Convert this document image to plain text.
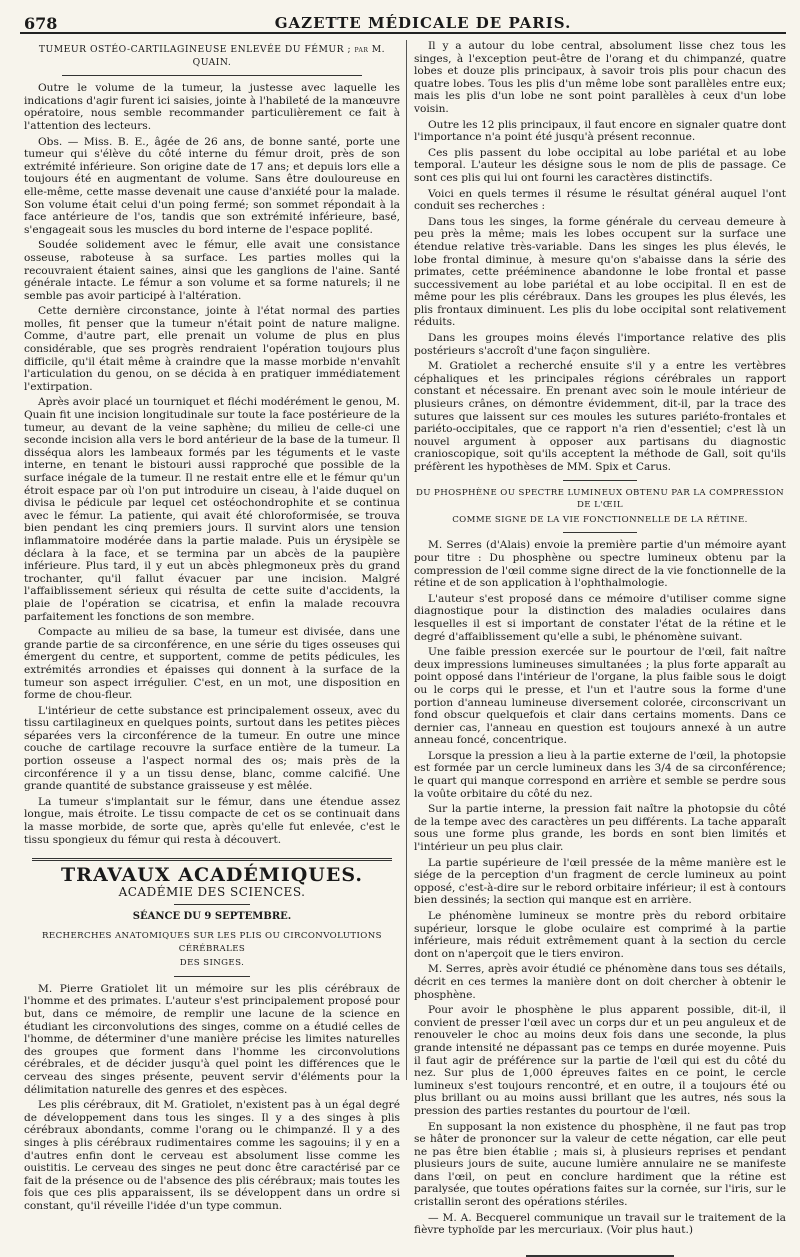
678	GAZETTE MÉDICALE DE PARIS.

TUMEUR OSTÉO-CARTILAGINEUSE ENLEVÉE DU FÉMUR ; par M. QUAIN.

Outre le volume de la tumeur, la justesse avec laquelle les indications d'agir furent ici saisies, jointe à l'habileté de la manœuvre opératoire, nous semble recommander particulièrement ce fait à l'attention des lecteurs.

Obs. — Miss. B. E., âgée de 26 ans, de bonne santé, porte une tumeur qui s'élève du côté interne du fémur droit, près de son extrémité inférieure. Son origine date de 17 ans; et depuis lors elle a toujours été en augmentant de volume. Sans être douloureuse en elle-même, cette masse devenait une cause d'anxiété pour la malade. Son volume était celui d'un poing fermé; son sommet répondait à la face antérieure de l'os, tandis que son extrémité inférieure, basé, s'engageait sous les muscles du bord interne de l'espace poplité.

Soudée solidement avec le fémur, elle avait une consistance osseuse, raboteuse à sa surface. Les parties molles qui la recouvraient étaient saines, ainsi que les ganglions de l'aine. Santé générale intacte. Le fémur a son volume et sa forme naturels; il ne semble pas avoir participé à l'altération.

Cette dernière circonstance, jointe à l'état normal des parties molles, fit penser que la tumeur n'était point de nature maligne. Comme, d'autre part, elle prenait un volume de plus en plus considérable, que ses progrès rendraient l'opération toujours plus difficile, qu'il était même à craindre que la masse morbide n'envahît l'articulation du genou, on se décida à en pratiquer immédiatement l'extirpation.

Après avoir placé un tourniquet et fléchi modérément le genou, M. Quain fit une incision longitudinale sur toute la face postérieure de la tumeur, au devant de la veine saphène; du milieu de celle-ci une seconde incision alla vers le bord antérieur de la base de la tumeur. Il disséqua alors les lambeaux formés par les téguments et le vaste interne, en tenant le bistouri aussi rapproché que possible de la surface inégale de la tumeur. Il ne restait entre elle et le fémur qu'un étroit espace par où l'on put introduire un ciseau, à l'aide duquel on divisa le pédicule par lequel cet ostéochondrophite et se continua avec le fémur. La patiente, qui avait été chloroformisée, se trouva bien pendant les cinq premiers jours. Il survint alors une tension inflammatoire modérée dans la partie malade. Puis un érysipèle se déclara à la face, et se termina par un abcès de la paupière inférieure. Plus tard, il y eut un abcès phlegmoneux près du grand trochanter, qu'il fallut évacuer par une incision. Malgré l'affaiblissement sérieux qui résulta de cette suite d'accidents, la plaie de l'opération se cicatrisa, et enfin la malade recouvra parfaitement les fonctions de son membre.

Compacte au milieu de sa base, la tumeur est divisée, dans une grande partie de sa circonférence, en une série du tiges osseuses qui émergent du centre, et supportent, comme de petits pédicules, les extrémités arrondies et épaisses qui donnent à la surface de la tumeur son aspect irrégulier. C'est, en un mot, une disposition en forme de chou-fleur.

L'intérieur de cette substance est principalement osseux, avec du tissu cartilagineux en quelques points, surtout dans les petites pièces séparées vers la circonférence de la tumeur. En outre une mince couche de cartilage recouvre la surface entière de la tumeur. La portion osseuse a l'aspect normal des os; mais près de la circonférence il y a un tissu dense, blanc, comme calcifié. Une grande quantité de substance graisseuse y est mêlée.

La tumeur s'implantait sur le fémur, dans une étendue assez longue, mais étroite. Le tissu compacte de cet os se continuait dans la masse morbide, de sorte que, après qu'elle fut enlevée, c'est le tissu spongieux du fémur qui resta à découvert.

TRAVAUX ACADÉMIQUES.

ACADÉMIE DES SCIENCES.

SÉANCE DU 9 SEPTEMBRE.

RECHERCHES ANATOMIQUES SUR LES PLIS OU CIRCONVOLUTIONS CÉRÉBRALES

DES SINGES.

M. Pierre Gratiolet lit un mémoire sur les plis cérébraux de l'homme et des primates. L'auteur s'est principalement proposé pour but, dans ce mémoire, de remplir une lacune de la science en étudiant les circonvolutions des singes, comme on a étudié celles de l'homme, de déterminer d'une manière précise les limites naturelles des groupes que forment dans l'homme les circonvolutions cérébrales, et de décider jusqu'à quel point les différences que le cerveau des singes présente, peuvent servir d'éléments pour la délimitation naturelle des genres et des espèces.

Les plis cérébraux, dit M. Gratiolet, n'existent pas à un égal degré de développement dans tous les singes. Il y a des singes à plis cérébraux abondants, comme l'orang ou le chimpanzé. Il y a des singes à plis cérébraux rudimentaires comme les sagouins; il y en a d'autres enfin dont le cerveau est absolument lisse comme les ouistitis. Le cerveau des singes ne peut donc être caractérisé par ce fait de la présence ou de l'absence des plis cérébraux; mais toutes les fois que ces plis apparaissent, ils se développent dans un ordre si constant, qu'il réveille l'idée d'un type commun.

Il y a autour du lobe central, absolument lisse chez tous les singes, à l'exception peut-être de l'orang et du chimpanzé, quatre lobes et douze plis principaux, à savoir trois plis pour chacun des quatre lobes. Tous les plis d'un même lobe sont parallèles entre eux; mais les plis d'un lobe ne sont point parallèles à ceux d'un lobe voisin.

Outre les 12 plis principaux, il faut encore en signaler quatre dont l'importance n'a point été jusqu'à présent reconnue.

Ces plis passent du lobe occipital au lobe pariétal et au lobe temporal. L'auteur les désigne sous le nom de plis de passage. Ce sont ces plis qui lui ont fourni les caractères distinctifs.

Voici en quels termes il résume le résultat général auquel l'ont conduit ses recherches :

Dans tous les singes, la forme générale du cerveau demeure à peu près la même; mais les lobes occupent sur la surface une étendue relative très-variable. Dans les singes les plus élevés, le lobe frontal diminue, à mesure qu'on s'abaisse dans la série des primates, cette prééminence abandonne le lobe frontal et passe successivement au lobe pariétal et au lobe occipital. Il en est de même pour les plis cérébraux. Dans les groupes les plus élevés, les plis frontaux diminuent. Les plis du lobe occipital sont relativement réduits.

Dans les groupes moins élevés l'importance relative des plis postérieurs s'accroît d'une façon singulière.

M. Gratiolet a recherché ensuite s'il y a entre les vertèbres céphaliques et les principales régions cérébrales un rapport constant et nécessaire. En prenant avec soin le moule intérieur de plusieurs crânes, on démontre évidemment, dit-il, par la trace des sutures que laissent sur ces moules les sutures pariéto-frontales et pariéto-occipitales, que ce rapport n'a rien d'essentiel; c'est là un nouvel argument à opposer aux partisans du diagnostic cranioscopique, soit qu'ils acceptent la méthode de Gall, soit qu'ils préfèrent les hypothèses de MM. Spix et Carus.

DU PHOSPHÈNE OU SPECTRE LUMINEUX OBTENU PAR LA COMPRESSION DE L'ŒIL

COMME SIGNE DE LA VIE FONCTIONNELLE DE LA RÉTINE.

M. Serres (d'Alais) envoie la première partie d'un mémoire ayant pour titre : Du phosphène ou spectre lumineux obtenu par la compression de l'œil comme signe direct de la vie fonctionnelle de la rétine et de son application à l'ophthalmologie.

L'auteur s'est proposé dans ce mémoire d'utiliser comme signe diagnostique pour la distinction des maladies oculaires dans lesquelles il est si important de constater l'état de la rétine et le degré d'affaiblissement qu'elle a subi, le phénomène suivant.

Une faible pression exercée sur le pourtour de l'œil, fait naître deux impressions lumineuses simultanées ; la plus forte apparaît au point opposé dans l'intérieur de l'organe, la plus faible sous le doigt ou le corps qui le presse, et l'un et l'autre sous la forme d'une portion d'anneau lumineuse diversement colorée, circonscrivant un fond obscur quelquefois et clair dans certains moments. Dans ce dernier cas, l'anneau en question est toujours annexé à un autre anneau foncé, concentrique.

Lorsque la pression a lieu à la partie externe de l'œil, la photopsie est formée par un cercle lumineux dans les 3/4 de sa circonférence; le quart qui manque correspond en arrière et semble se perdre sous la voûte orbitaire du côté du nez.

Sur la partie interne, la pression fait naître la photopsie du côté de la tempe avec des caractères un peu différents. La tache apparaît sous une forme plus grande, les bords en sont bien limités et l'intérieur un peu plus clair.

La partie supérieure de l'œil pressée de la même manière est le siége de la perception d'un fragment de cercle lumineux au point opposé, c'est-à-dire sur le rebord orbitaire inférieur; il est à contours bien dessinés; la section qui manque est en arrière.

Le phénomène lumineux se montre près du rebord orbitaire supérieur, lorsque le globe oculaire est comprimé à la partie inférieure, mais réduit extrêmement quant à la section du cercle dont on n'aperçoit que le tiers environ.

M. Serres, après avoir étudié ce phénomène dans tous ses détails, décrit en ces termes la manière dont on doit chercher à obtenir le phosphène.

Pour avoir le phosphène le plus apparent possible, dit-il, il convient de presser l'œil avec un corps dur et un peu anguleux et de renouveler le choc au moins deux fois dans une seconde, la plus grande intensité ne dépassant pas ce temps en durée moyenne. Puis il faut agir de préférence sur la partie de l'œil qui est du côté du nez. Sur plus de 1,000 épreuves faites en ce point, le cercle lumineux s'est toujours rencontré, et en outre, il a toujours été ou plus brillant ou au moins aussi brillant que les autres, nés sous la pression des parties restantes du pourtour de l'œil.

En supposant la non existence du phosphène, il ne faut pas trop se hâter de prononcer sur la valeur de cette négation, car elle peut ne pas être bien établie ; mais si, à plusieurs reprises et pendant plusieurs jours de suite, aucune lumière annulaire ne se manifeste dans l'œil, on peut en conclure hardiment que la rétine est paralysée, que toutes opérations faites sur la cornée, sur l'iris, sur le cristallin seront des opérations stériles.

— M. A. Becquerel communique un travail sur le traitement de la fièvre typhoïde par les mercuriaux. (Voir plus haut.)
